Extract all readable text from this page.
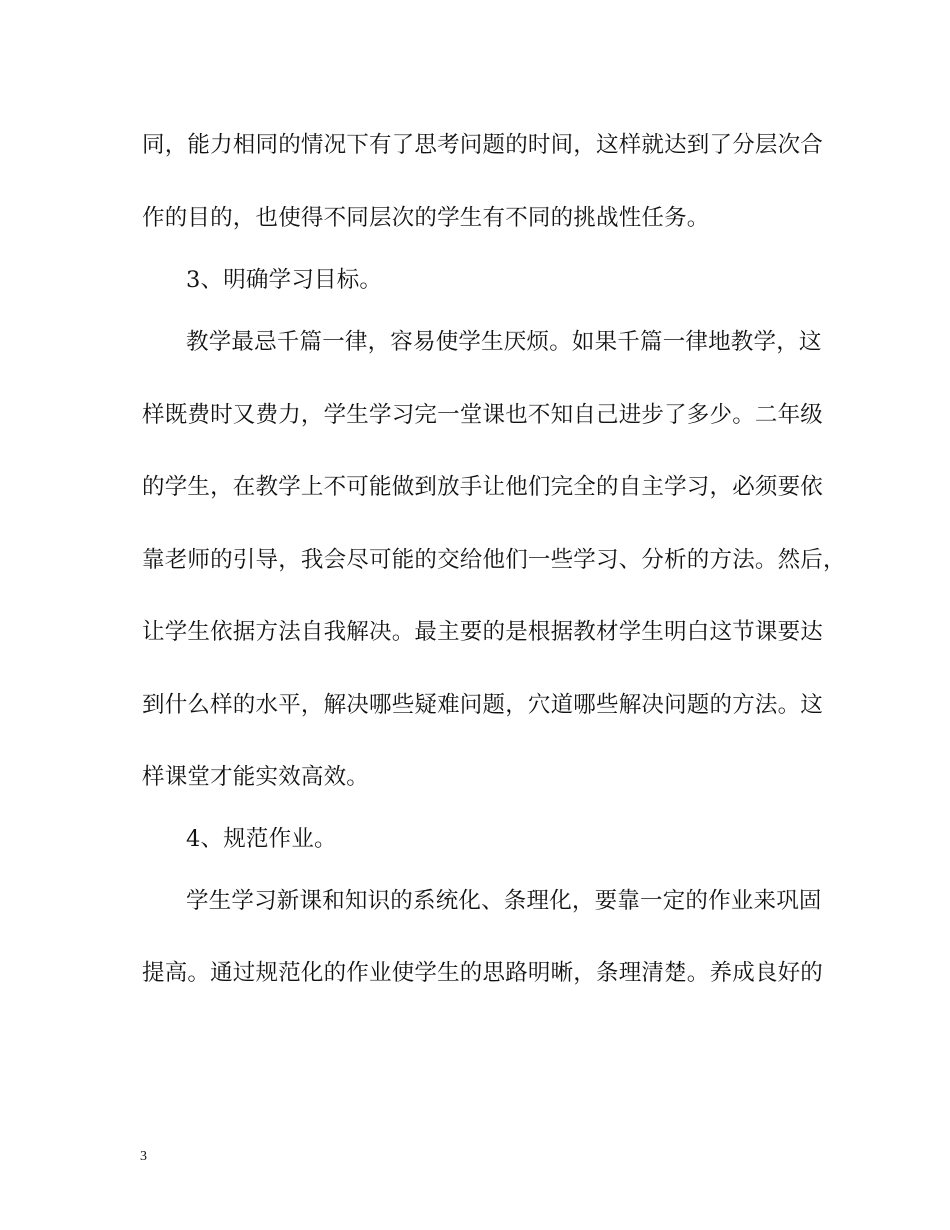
同，能力相同的情况下有了思考问题的时间，这样就达到了分层次合
作的目的，也使得不同层次的学生有不同的挑战性任务。
3、明确学习目标。
教学最忌千篇一律，容易使学生厌烦。如果千篇一律地教学，这
样既费时又费力，学生学习完一堂课也不知自己进步了多少。二年级
的学生，在教学上不可能做到放手让他们完全的自主学习，必须要依
靠老师的引导，我会尽可能的交给他们一些学习、分析的方法。然后，
让学生依据方法自我解决。最主要的是根据教材学生明白这节课要达
到什么样的水平，解决哪些疑难问题，穴道哪些解决问题的方法。这
样课堂才能实效高效。
4、规范作业。
学生学习新课和知识的系统化、条理化，要靠一定的作业来巩固
提高。通过规范化的作业使学生的思路明晰，条理清楚。养成良好的
3
